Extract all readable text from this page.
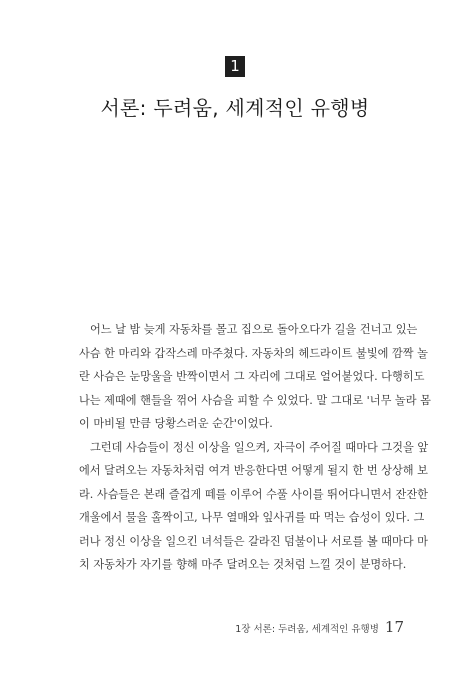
1
서론: 두려움, 세계적인 유행병

어느 날 밤 늦게 자동차를 몰고 집으로 돌아오다가 길을 건너고 있는
사슴 한 마리와 갑작스레 마주쳤다. 자동차의 헤드라이트 불빛에 깜짝 놀
란 사슴은 눈망울을 반짝이면서 그 자리에 그대로 얼어붙었다. 다행히도
나는 제때에 핸들을 꺾어 사슴을 피할 수 있었다. 말 그대로 '너무 놀라 몸
이 마비될 만큼 당황스러운 순간'이었다.

그런데 사슴들이 정신 이상을 일으켜, 자극이 주어질 때마다 그것을 앞
에서 달려오는 자동차처럼 여겨 반응한다면 어떻게 될지 한 번 상상해 보
라. 사슴들은 본래 즐겁게 떼를 이루어 수풀 사이를 뛰어다니면서 잔잔한
개울에서 물을 홀짝이고, 나무 열매와 잎사귀를 따 먹는 습성이 있다. 그
러나 정신 이상을 일으킨 녀석들은 갈라진 덤불이나 서로를 볼 때마다 마
치 자동차가 자기를 향해 마주 달려오는 것처럼 느낄 것이 분명하다.

1장 서론: 두려움, 세계적인 유행병 17
